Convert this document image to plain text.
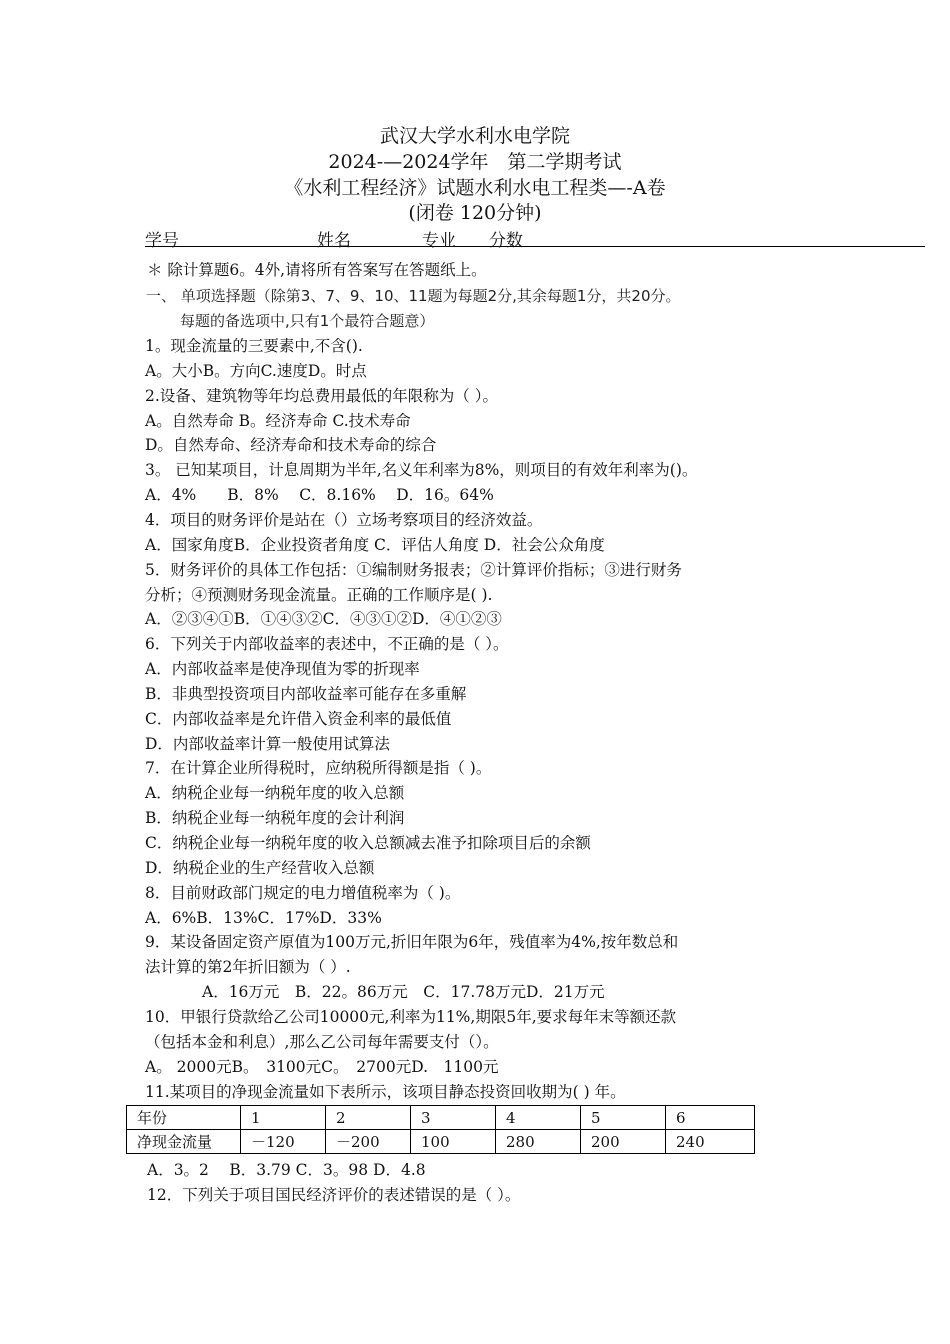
武汉大学水利水电学院
2024-—2024学年　第二学期考试
《水利工程经济》试题水利水电工程类—-A卷
(闭卷 120分钟)
学号	姓名	专业 分数
＊ 除计算题6。4外,请将所有答案写在答题纸上。
一、 单项选择题（除第3、7、9、10、11题为每题2分,其余每题1分，共20分。
每题的备选项中,只有1个最符合题意）
1。现金流量的三要素中,不含().
A。大小B。方向C.速度D。时点
2.设备、建筑物等年均总费用最低的年限称为（ ）。
A。自然寿命 B。经济寿命 C.技术寿命
D。自然寿命、经济寿命和技术寿命的综合
3。 已知某项目，计息周期为半年,名义年利率为8%，则项目的有效年利率为()。
A．4%　　B．8%　 C．8.16%　 D．16。64%
4．项目的财务评价是站在（）立场考察项目的经济效益。
A．国家角度B．企业投资者角度 C．评估人角度 D．社会公众角度
5．财务评价的具体工作包括：①编制财务报表；②计算评价指标；③进行财务
分析；④预测财务现金流量。正确的工作顺序是( ).
A．②③④①B．①④③②C．④③①②D．④①②③
6．下列关于内部收益率的表述中，不正确的是（ ）。
A．内部收益率是使净现值为零的折现率
B．非典型投资项目内部收益率可能存在多重解
C．内部收益率是允许借入资金利率的最低值
D．内部收益率计算一般使用试算法
7．在计算企业所得税时，应纳税所得额是指（ )。
A．纳税企业每一纳税年度的收入总额
B．纳税企业每一纳税年度的会计利润
C．纳税企业每一纳税年度的收入总额减去准予扣除项目后的余额
D．纳税企业的生产经营收入总额
8．目前财政部门规定的电力增值税率为（ )。
A．6%B．13%C．17%D．33%
9．某设备固定资产原值为100万元,折旧年限为6年，残值率为4%,按年数总和
法计算的第2年折旧额为（ ）.
A．16万元　B．22。86万元　C．17.78万元D．21万元
10．甲银行贷款给乙公司10000元,利率为11%,期限5年,要求每年末等额还款
（包括本金和利息）,那么乙公司每年需要支付（）。
A。 2000元B。　3100元C。　2700元D.　1100元
11.某项目的净现金流量如下表所示，该项目静态投资回收期为( ) 年。
年份	1	2	3	4	5	6
净现金流量	－120	－200	100	280	200	240
A．3。2　 B．3.79 C．3。98 D．4.8
12．下列关于项目国民经济评价的表述错误的是（ ）。
